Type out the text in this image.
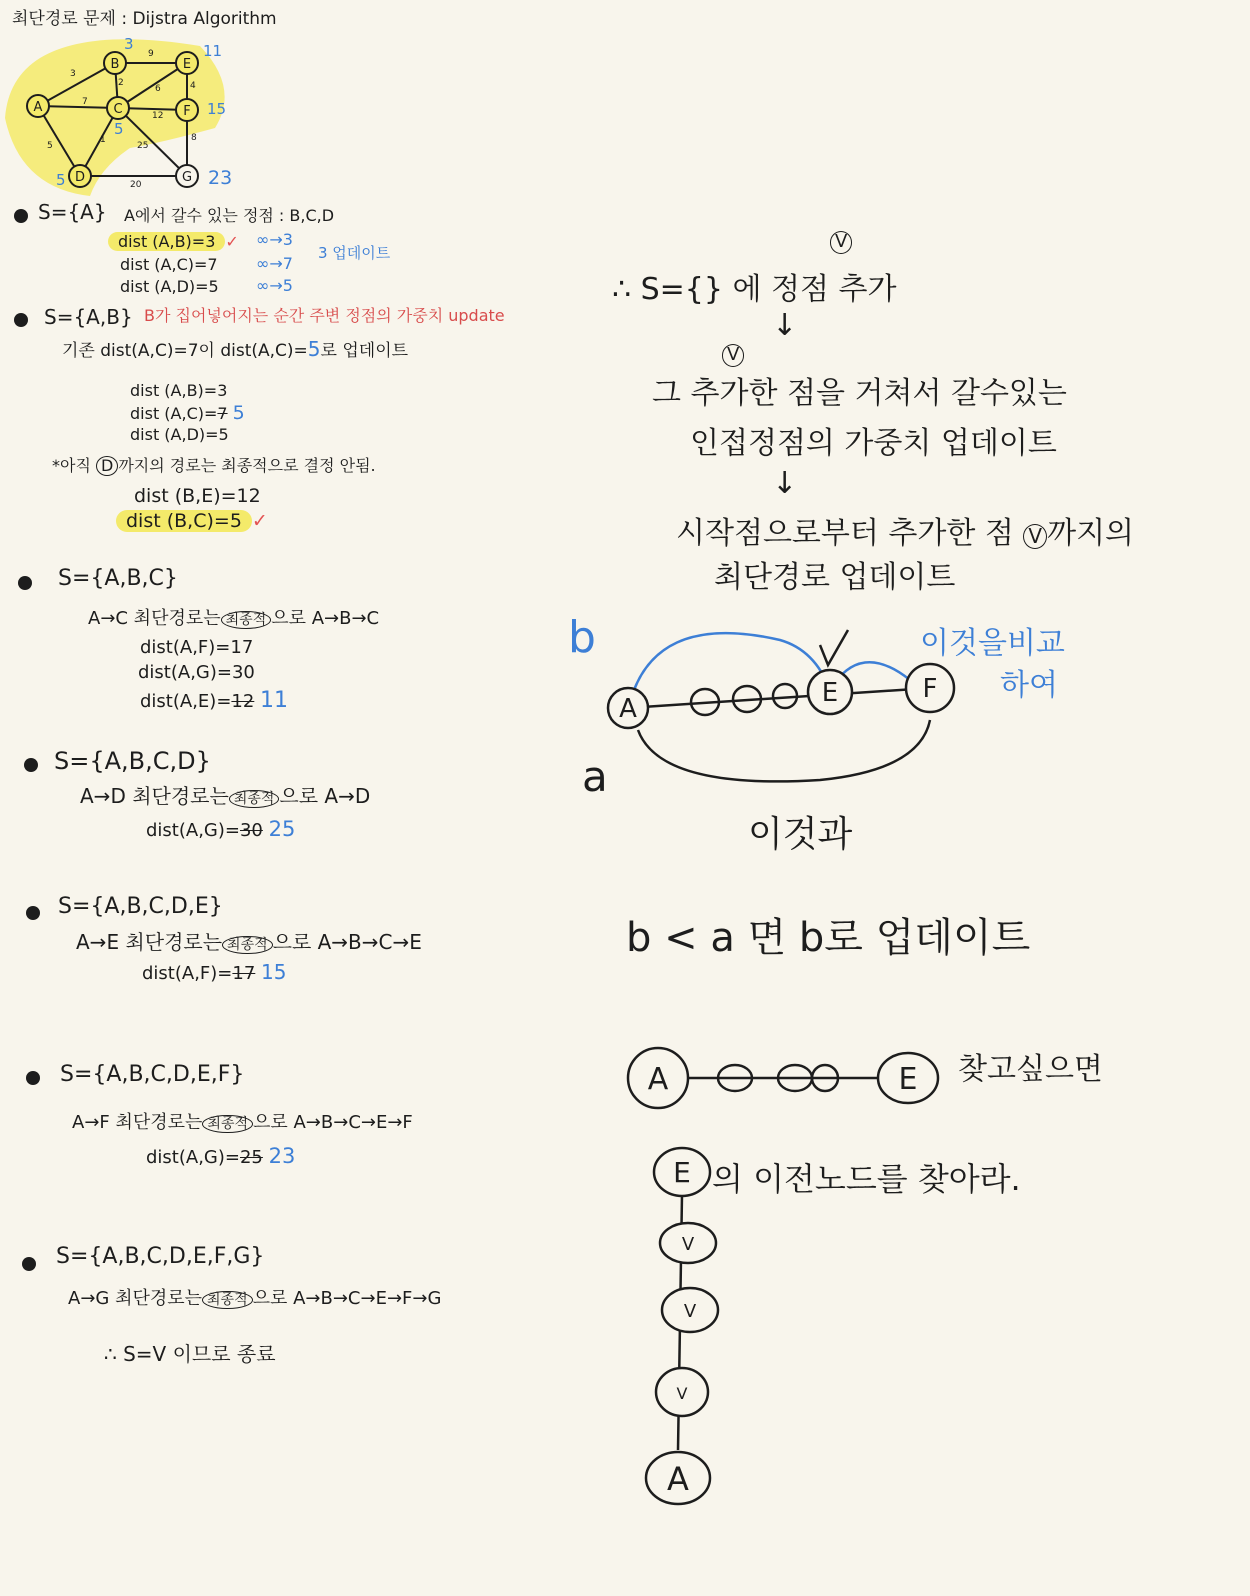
최단경로 문제 : Dijstra Algorithm
A
B
C
D
E
F
G
3
9
2	4
6
7
12
1	8
5	25
20
3	11
15
5
5	23
S={A} A에서 갈수 있는 정점 : B,C,D
dist (A,B)=3 ✓
dist (A,C)=7
dist (A,D)=5
∞→3
∞→7
∞→5
3 업데이트
S={A,B} B가 집어넣어지는 순간 주변 정점의 가중치 update
기존 dist(A,C)=7이 dist(A,C)=5로 업데이트
dist (A,B)=3
dist (A,C)=7 5
dist (A,D)=5
*아직 D 까지의 경로는 최종적으로 결정 안됨.
dist (B,E)=12
dist (B,C)=5 ✓
S={A,B,C}
A→C 최단경로는 최종적 으로 A→B→C
dist(A,F)=17
dist(A,G)=30
dist(A,E)=12 11
S={A,B,C,D}
A→D 최단경로는 최종적 으로 A→D
dist(A,G)=30 25
S={A,B,C,D,E}
A→E 최단경로는 최종적 으로 A→B→C→E
dist(A,F)=17 15
S={A,B,C,D,E,F}
A→F 최단경로는 최종적 으로 A→B→C→E→F
dist(A,G)=25 23
S={A,B,C,D,E,F,G}
A→G 최단경로는 최종적 으로 A→B→C→E→F→G
∴ S=V 이므로 종료
∴ S={} 에 정점 추가
V
↓
V
그 추가한 점을 거쳐서 갈수있는
인접정점의 가중치 업데이트
↓
시작점으로부터 추가한 점 V 까지의
최단경로 업데이트
A
E	F
b
a
이것을비교
하여
이것과
b < a 면 b로 업데이트
A	E
E
V
V
V
A
찾고싶으면
의 이전노드를 찾아라.
